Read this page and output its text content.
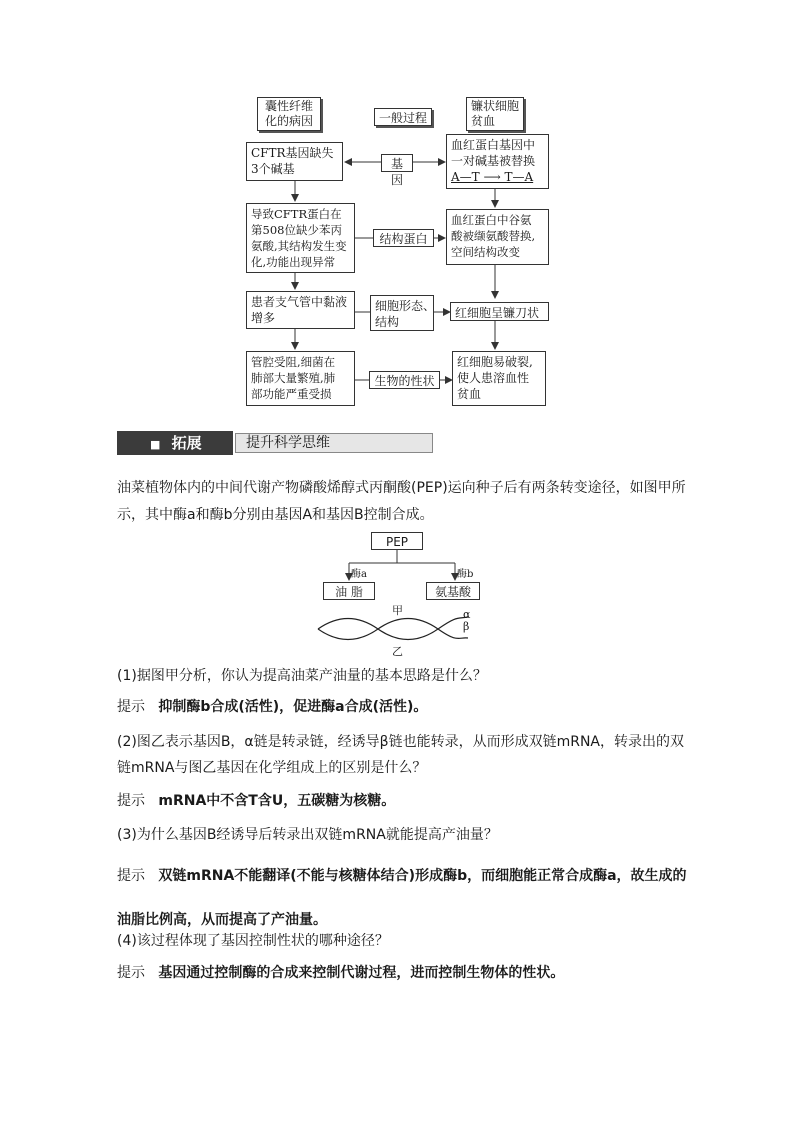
囊性纤维
化的病因	一般过程
镰状细胞
贫血
CFTR基因缺失
3个碱基	基因
血红蛋白基因中
一对碱基被替换
A—T ⟶ T—A
导致CFTR蛋白在
第508位缺少苯丙
氨酸,其结构发生变
化,功能出现异常
结构蛋白
血红蛋白中谷氨
酸被缬氨酸替换,
空间结构改变
患者支气管中黏液
增多
细胞形态、
结构
红细胞呈镰刀状
管腔受阻,细菌在
肺部大量繁殖,肺
部功能严重受损
生物的性状
红细胞易破裂,
使人患溶血性
贫血
■ 拓展	提升科学思维
油菜植物体内的中间代谢产物磷酸烯醇式丙酮酸(PEP)运向种子后有两条转变途径，如图甲所示，其中酶a和酶b分别由基因A和基因B控制合成。
PEP
酶a	酶b
油 脂	氨基酸
甲	α
β
乙
(1)据图甲分析，你认为提高油菜产油量的基本思路是什么？
提示 抑制酶b合成(活性)，促进酶a合成(活性)。
(2)图乙表示基因B，α链是转录链，经诱导β链也能转录，从而形成双链mRNA，转录出的双链mRNA与图乙基因在化学组成上的区别是什么？
提示 mRNA中不含T含U，五碳糖为核糖。
(3)为什么基因B经诱导后转录出双链mRNA就能提高产油量？
提示 双链mRNA不能翻译(不能与核糖体结合)形成酶b，而细胞能正常合成酶a，故生成的油脂比例高，从而提高了产油量。
(4)该过程体现了基因控制性状的哪种途径？
提示 基因通过控制酶的合成来控制代谢过程，进而控制生物体的性状。
